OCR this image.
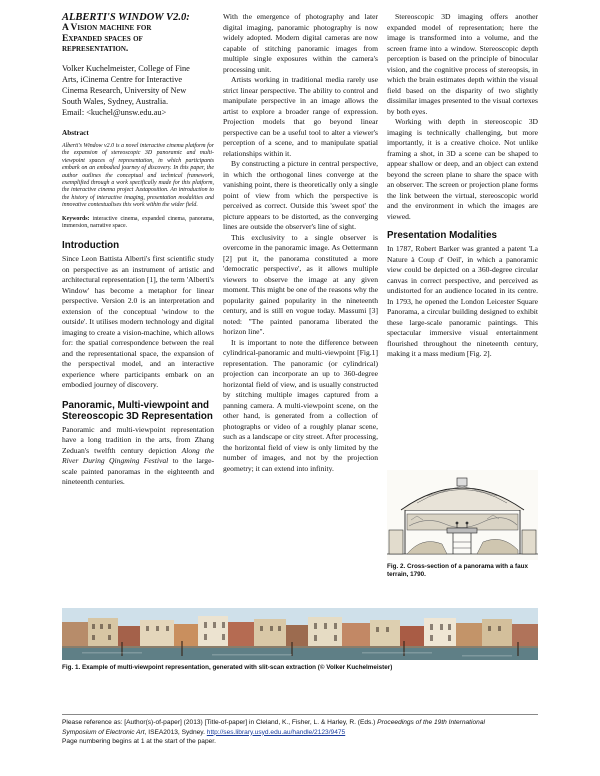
ALBERTI'S WINDOW V2.0:
A Vision machine for
Expanded spaces of
representation.
Volker Kuchelmeister, College of Fine
Arts, iCinema Centre for Interactive
Cinema Research, University of New
South Wales, Sydney, Australia.
Email: <kuchel@unsw.edu.au>
Abstract
Alberti's Window v2.0 is a novel interactive cinema platform for the expansion of stereoscopic 3D panoramic and multi-viewpoint spaces of representation, in which participants embark on an embodied journey of discovery. In this paper, the author outlines the conceptual and technical framework, exemplified through a work specifically made for this platform, the interactive cinema project Juxtaposition. An introduction to the history of interactive imaging, presentation modalities and innovative contextualises this work within the wider field.
Keywords: interactive cinema, expanded cinema, panorama, immersion, narrative space.
Introduction

Since Leon Battista Alberti's first scientific study on perspective as an instrument of artistic and architectural representation [1], the term 'Alberti's Window' has become a metaphor for linear perspective. Version 2.0 is an interpretation and extension of the conceptual 'window to the outside'. It utilises modern technology and digital imaging to create a vision-machine, which allows for: the spatial correspondence between the real and the representational space, the expansion of the perspectival model, and an interactive experience where participants embark on an embodied journey of discovery.

Panoramic, Multi-viewpoint and
Stereoscopic 3D Representation

Panoramic and multi-viewpoint representation have a long tradition in the arts, from Zhang Zeduan's twelfth century depiction Along the River During Qingming Festival to the large-scale painted panoramas in the eighteenth and nineteenth centuries.

With the emergence of photography and later digital imaging, panoramic photography is now widely adopted. Modern digital cameras are now capable of stitching panoramic images from multiple single exposures within the camera's processing unit.

Artists working in traditional media rarely use strict linear perspective. The ability to control and manipulate perspective in an image allows the artist to explore a broader range of expression. Projection models that go beyond linear perspective can be a useful tool to alter a viewer's perception of a scene, and to manipulate spatial relationships within it.

By constructing a picture in central perspective, in which the orthogonal lines converge at the vanishing point, there is theoretically only a single point of view from which the perspective is perceived as correct. Outside this 'sweet spot' the picture appears to be distorted, as the converging lines are outside the observer's line of sight.

This exclusivity to a single observer is overcome in the panoramic image. As Oettermann [2] put it, the panorama constituted a more 'democratic perspective', as it allows multiple viewers to observe the image at any given moment. This might be one of the reasons why the popularity gained popularity in the nineteenth century, and is still en vogue today. Massumi [3] noted: "The painted panorama liberated the horizon line".

It is important to note the difference between cylindrical-panoramic and multi-viewpoint [Fig.1] representation. The panoramic (or cylindrical) projection can incorporate an up to 360-degree horizontal field of view, and is usually constructed by stitching multiple images captured from a panning camera. A multi-viewpoint scene, on the other hand, is generated from a collection of photographs or video of a roughly planar scene, such as a landscape or city street. After processing, the horizontal field of view is only limited by the number of images, and not by the projection geometry; it can extend into infinity.

Stereoscopic 3D imaging offers another expanded model of representation; here the image is transformed into a volume, and the screen frame into a window. Stereoscopic depth perception is based on the principle of binocular vision, and the cognitive process of stereopsis, in which the brain estimates depth within the visual field based on the disparity of two slightly dissimilar images presented to the visual cortexes by both eyes.

Working with depth in stereoscopic 3D imaging is technically challenging, but more importantly, it is a creative choice. Not unlike framing a shot, in 3D a scene can be shaped to appear shallow or deep, and an object can extend beyond the screen plane to share the space with an observer. The screen or projection plane forms the link between the virtual, stereoscopic world and the environment in which the images are viewed.

Presentation Modalities

In 1787, Robert Barker was granted a patent 'La Nature à Coup d' Oeil', in which a panoramic view could be depicted on a 360-degree circular canvas in correct perspective, and perceived as undistorted for an audience located in its centre. In 1793, he opened the London Leicester Square Panorama, a circular building designed to exhibit these large-scale panoramic paintings. This spectacular immersive visual entertainment flourished throughout the nineteenth century, making it a mass medium [Fig. 2].

Fig. 2. Cross-section of a panorama with a faux terrain, 1790.
Fig. 1. Example of multi-viewpoint representation, generated with slit-scan extraction (© Volker Kuchelmeister)
Please reference as: [Author(s)-of-paper] (2013) [Title-of-paper] in Cleland, K., Fisher, L. & Harley, R. (Eds.) Proceedings of the 19th International
Symposium of Electronic Art, ISEA2013, Sydney. http://ses.library.usyd.edu.au/handle/2123/9475
Page numbering begins at 1 at the start of the paper.
